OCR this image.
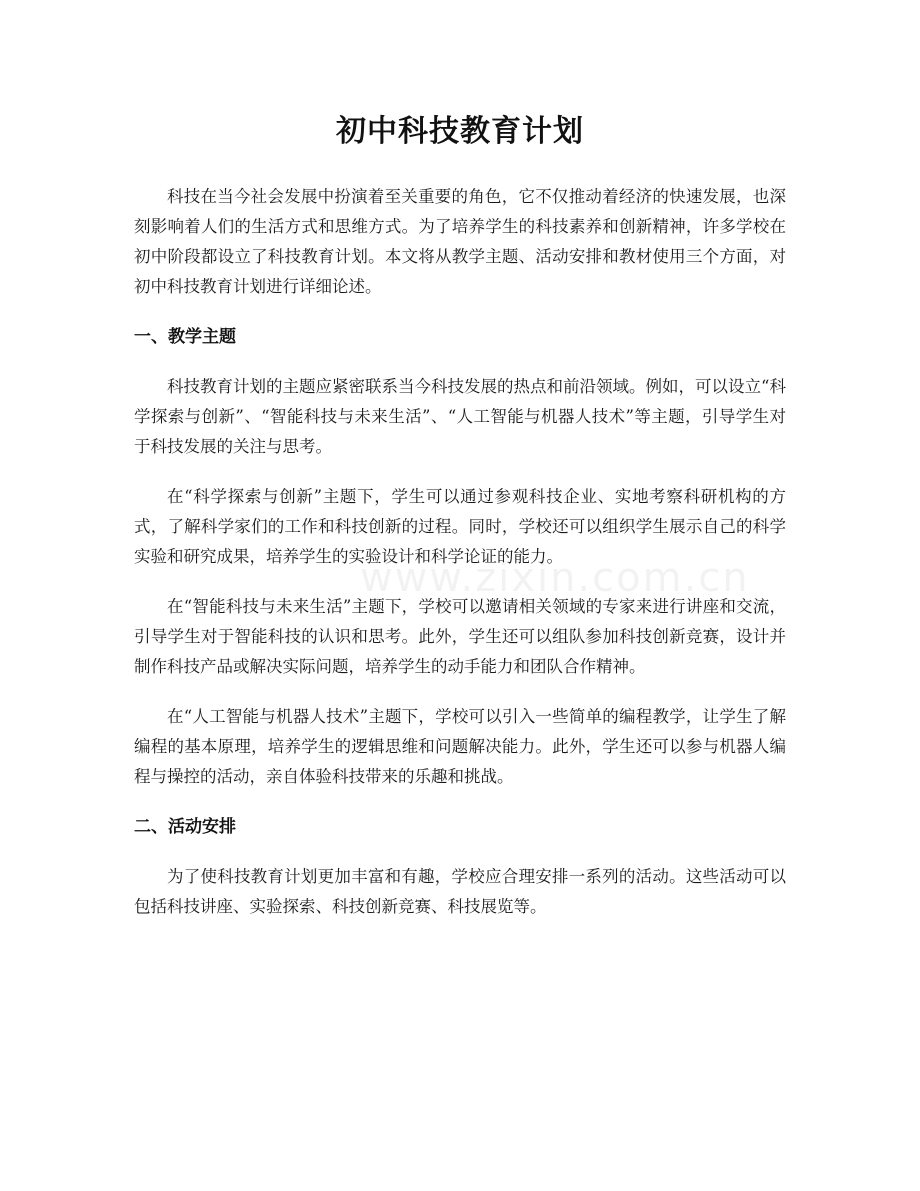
初中科技教育计划

科技在当今社会发展中扮演着至关重要的角色，它不仅推动着经济的快速发展，也深刻影响着人们的生活方式和思维方式。为了培养学生的科技素养和创新精神，许多学校在初中阶段都设立了科技教育计划。本文将从教学主题、活动安排和教材使用三个方面，对初中科技教育计划进行详细论述。

一、教学主题

科技教育计划的主题应紧密联系当今科技发展的热点和前沿领域。例如，可以设立“科学探索与创新”、“智能科技与未来生活”、“人工智能与机器人技术”等主题，引导学生对于科技发展的关注与思考。

在“科学探索与创新”主题下，学生可以通过参观科技企业、实地考察科研机构的方式，了解科学家们的工作和科技创新的过程。同时，学校还可以组织学生展示自己的科学实验和研究成果，培养学生的实验设计和科学论证的能力。

在“智能科技与未来生活”主题下，学校可以邀请相关领域的专家来进行讲座和交流，引导学生对于智能科技的认识和思考。此外，学生还可以组队参加科技创新竞赛，设计并制作科技产品或解决实际问题，培养学生的动手能力和团队合作精神。

在“人工智能与机器人技术”主题下，学校可以引入一些简单的编程教学，让学生了解编程的基本原理，培养学生的逻辑思维和问题解决能力。此外，学生还可以参与机器人编程与操控的活动，亲自体验科技带来的乐趣和挑战。

二、活动安排

为了使科技教育计划更加丰富和有趣，学校应合理安排一系列的活动。这些活动可以包括科技讲座、实验探索、科技创新竞赛、科技展览等。

www.zixin.com.cn
